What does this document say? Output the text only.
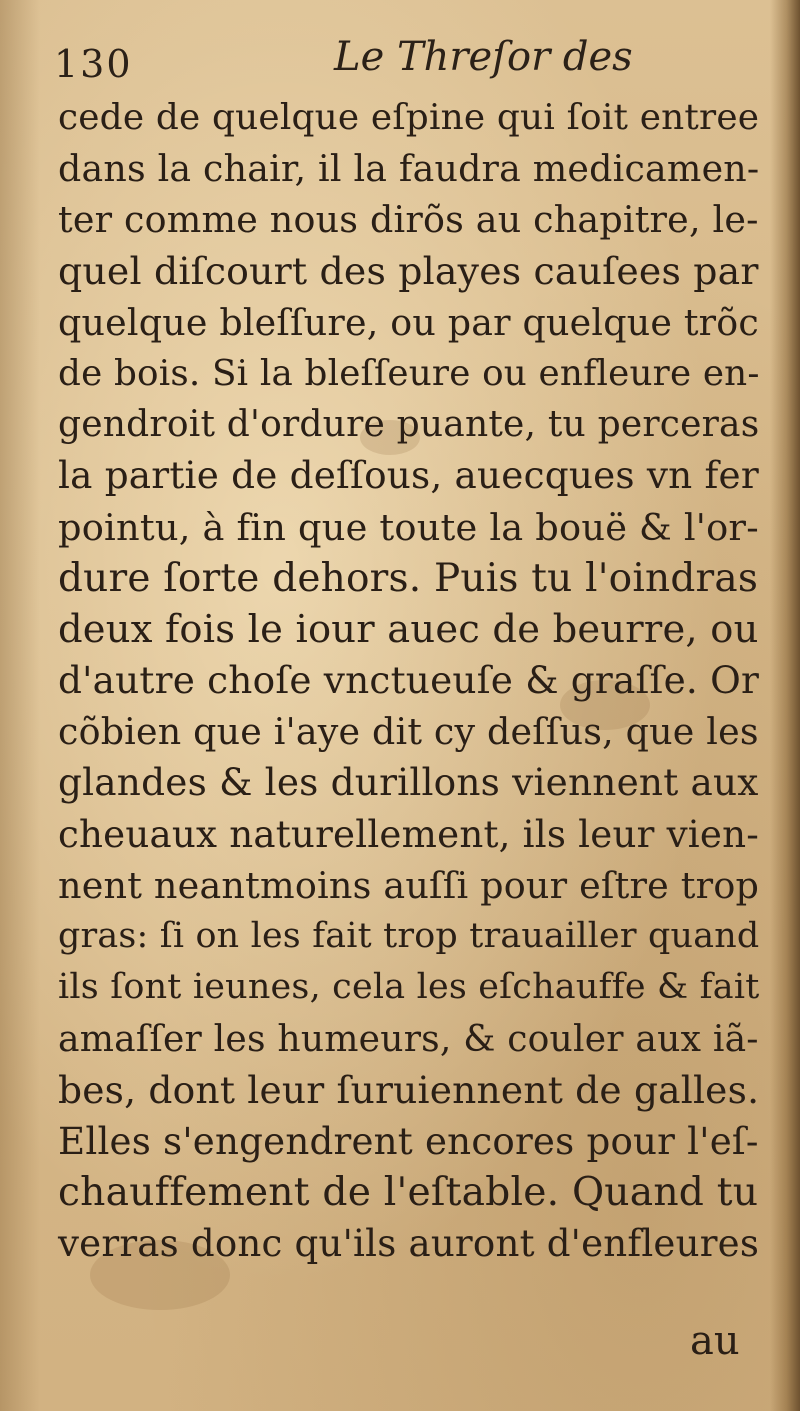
130	Le Threſor des
cede de quelque eſpine qui ſoit entree
dans la chair, il la faudra medicamen-
ter comme nous dirõs au chapitre, le-
quel diſcourt des playes cauſees par
quelque bleſſure, ou par quelque trõc
de bois. Si la bleſſeure ou enfleure en-
gendroit d'ordure puante, tu perceras
la partie de deſſous, auecques vn fer
pointu, à fin que toute la bouë & l'or-
dure ſorte dehors. Puis tu l'oindras
deux fois le iour auec de beurre, ou
d'autre choſe vnctueuſe & graſſe. Or
cõbien que i'aye dit cy deſſus, que les
glandes & les durillons viennent aux
cheuaux naturellement, ils leur vien-
nent neantmoins auſſi pour eſtre trop
gras: ſi on les fait trop trauailler quand
ils ſont ieunes, cela les eſchauffe & fait
amaſſer les humeurs, & couler aux iã-
bes, dont leur ſuruiennent de galles.
Elles s'engendrent encores pour l'eſ-
chauffement de l'eſtable. Quand tu
verras donc qu'ils auront d'enfleures
au
